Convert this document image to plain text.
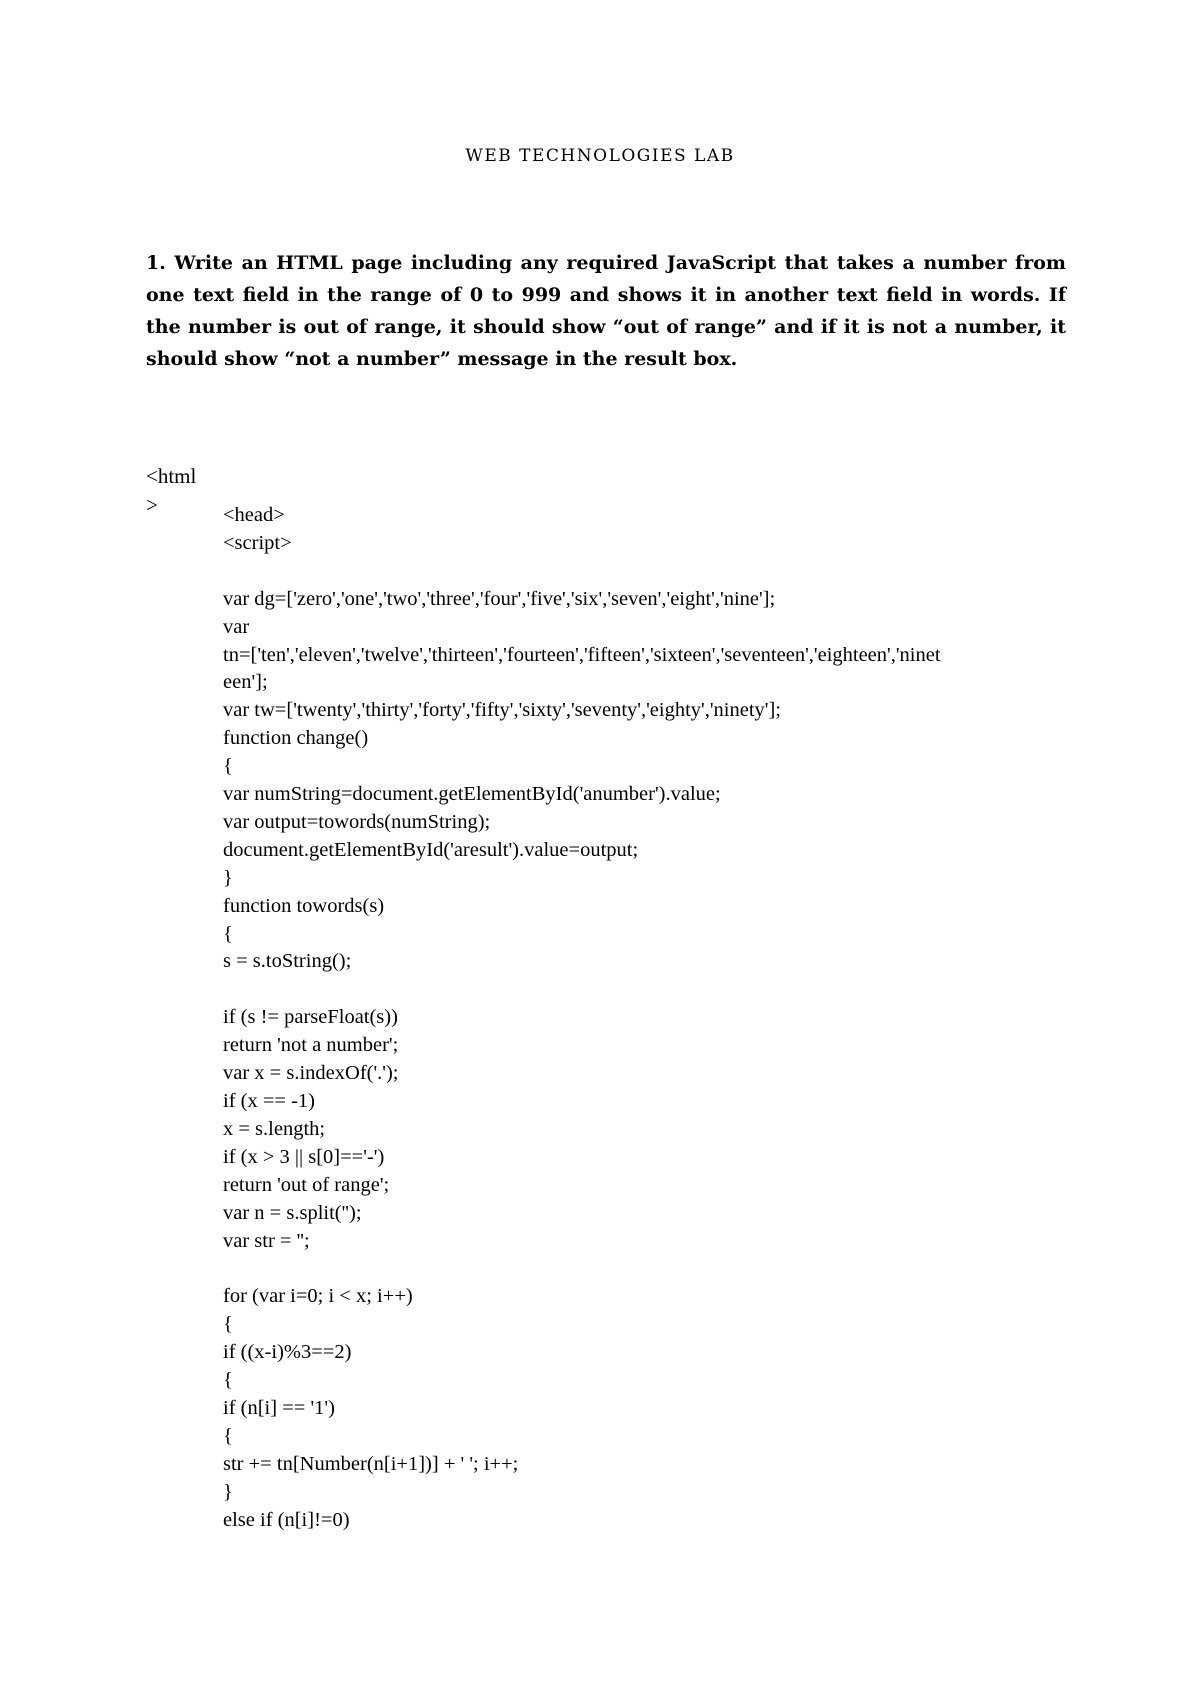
WEB TECHNOLOGIES LAB

1. Write an HTML page including any required JavaScript that takes a number from one text field in the range of 0 to 999 and shows it in another text field in words. If the number is out of range, it should show “out of range” and if it is not a number, it should show “not a number” message in the result box.

<html>	<head>
<script>
var dg=['zero','one','two','three','four','five','six','seven','eight','nine'];
var
tn=['ten','eleven','twelve','thirteen','fourteen','fifteen','sixteen','seventeen','eighteen','ninet
een'];
var tw=['twenty','thirty','forty','fifty','sixty','seventy','eighty','ninety'];
function change()
{
var numString=document.getElementById('anumber').value;
var output=towords(numString);
document.getElementById('aresult').value=output;
}
function towords(s)
{
s = s.toString();
if (s != parseFloat(s))
return 'not a number';
var x = s.indexOf('.');
if (x == -1)
x = s.length;
if (x > 3 || s[0]=='-')
return 'out of range';
var n = s.split('');
var str = '';
for (var i=0; i < x; i++)
{
if ((x-i)%3==2)
{
if (n[i] == '1')
{
str += tn[Number(n[i+1])] + ' '; i++;
}
else if (n[i]!=0)
